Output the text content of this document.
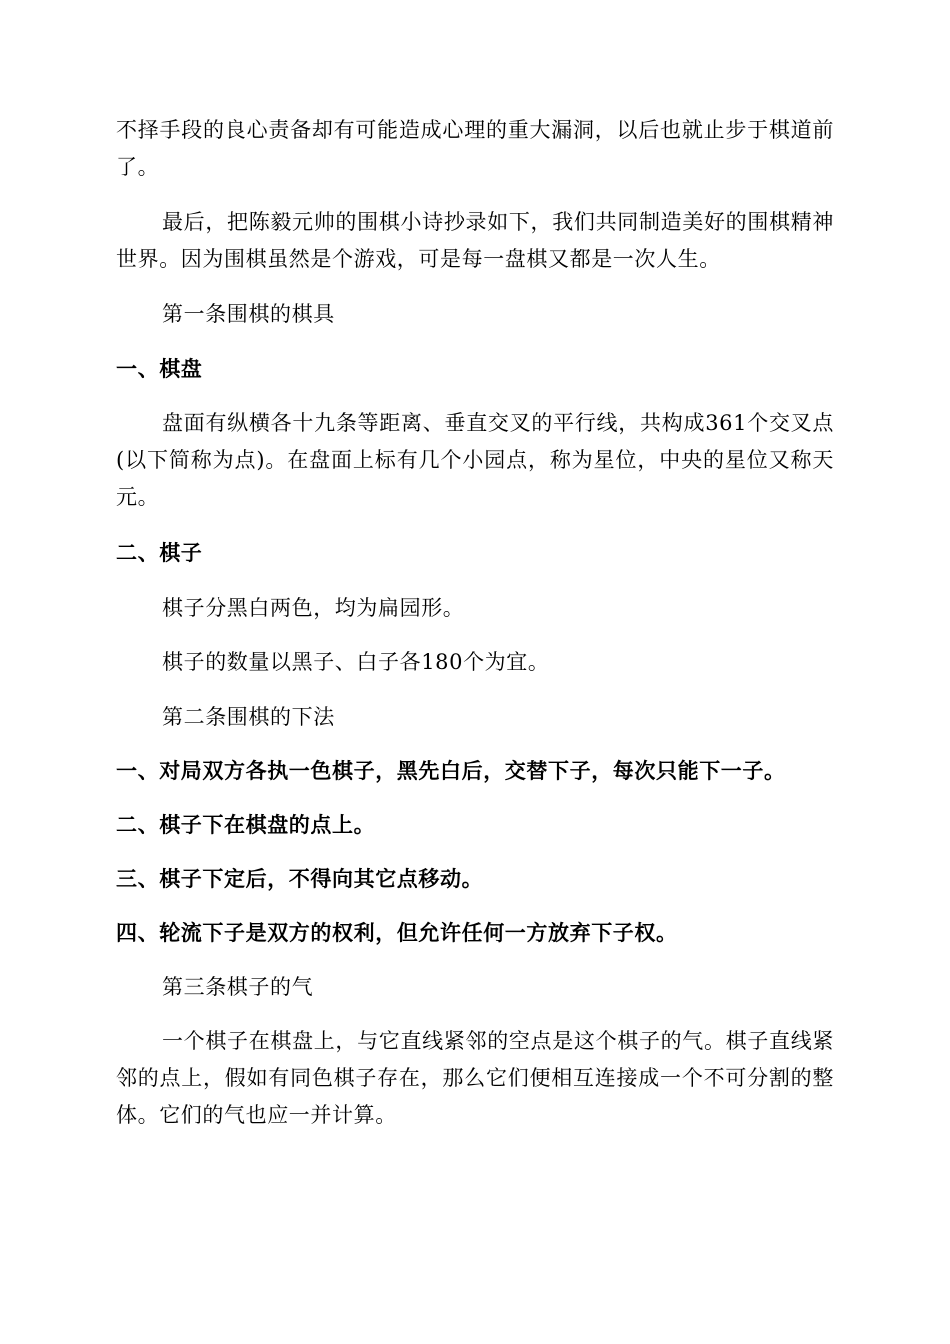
不择手段的良心责备却有可能造成心理的重大漏洞，以后也就止步于棋道前了。

最后，把陈毅元帅的围棋小诗抄录如下，我们共同制造美好的围棋精神世界。因为围棋虽然是个游戏，可是每一盘棋又都是一次人生。

第一条围棋的棋具

一、棋盘

盘面有纵横各十九条等距离、垂直交叉的平行线，共构成361个交叉点(以下简称为点)。在盘面上标有几个小园点，称为星位，中央的星位又称天元。

二、棋子

棋子分黑白两色，均为扁园形。

棋子的数量以黑子、白子各180个为宜。

第二条围棋的下法

一、对局双方各执一色棋子，黑先白后，交替下子，每次只能下一子。

二、棋子下在棋盘的点上。

三、棋子下定后，不得向其它点移动。

四、轮流下子是双方的权利，但允许任何一方放弃下子权。

第三条棋子的气

一个棋子在棋盘上，与它直线紧邻的空点是这个棋子的气。棋子直线紧邻的点上，假如有同色棋子存在，那么它们便相互连接成一个不可分割的整体。它们的气也应一并计算。
